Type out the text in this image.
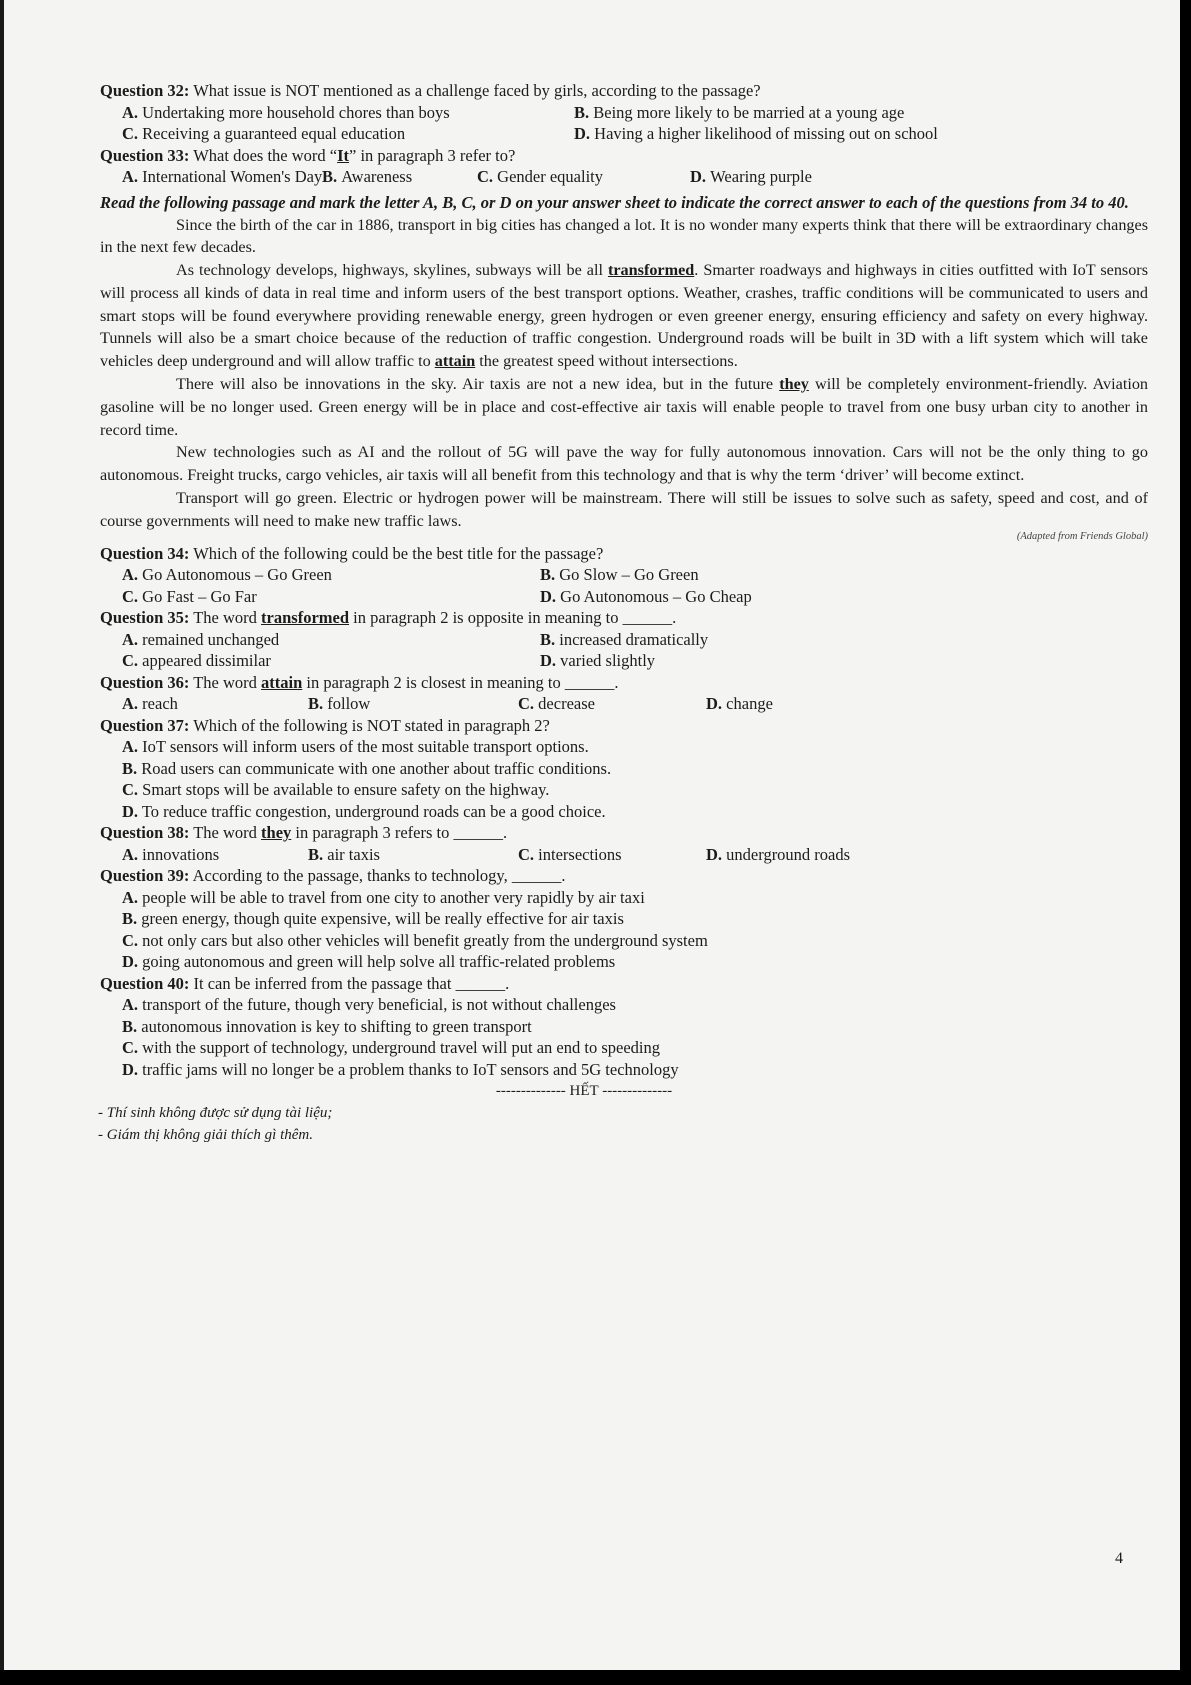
Question 32: What issue is NOT mentioned as a challenge faced by girls, according to the passage?

A. Undertaking more household chores than boys	B. Being more likely to be married at a young age
C. Receiving a guaranteed equal education	D. Having a higher likelihood of missing out on school

Question 33: What does the word “It” in paragraph 3 refer to?

A. International Women's Day B. Awareness	C. Gender equality	D. Wearing purple

Read the following passage and mark the letter A, B, C, or D on your answer sheet to indicate the correct answer to each of the questions from 34 to 40.

Since the birth of the car in 1886, transport in big cities has changed a lot. It is no wonder many experts think that there will be extraordinary changes in the next few decades.

As technology develops, highways, skylines, subways will be all transformed. Smarter roadways and highways in cities outfitted with IoT sensors will process all kinds of data in real time and inform users of the best transport options. Weather, crashes, traffic conditions will be communicated to users and smart stops will be found everywhere providing renewable energy, green hydrogen or even greener energy, ensuring efficiency and safety on every highway. Tunnels will also be a smart choice because of the reduction of traffic congestion. Underground roads will be built in 3D with a lift system which will take vehicles deep underground and will allow traffic to attain the greatest speed without intersections.

There will also be innovations in the sky. Air taxis are not a new idea, but in the future they will be completely environment-friendly. Aviation gasoline will be no longer used. Green energy will be in place and cost-effective air taxis will enable people to travel from one busy urban city to another in record time.

New technologies such as AI and the rollout of 5G will pave the way for fully autonomous innovation. Cars will not be the only thing to go autonomous. Freight trucks, cargo vehicles, air taxis will all benefit from this technology and that is why the term ‘driver’ will become extinct.

Transport will go green. Electric or hydrogen power will be mainstream. There will still be issues to solve such as safety, speed and cost, and of course governments will need to make new traffic laws.

(Adapted from Friends Global)

Question 34: Which of the following could be the best title for the passage?

A. Go Autonomous – Go Green	B. Go Slow – Go Green
C. Go Fast – Go Far	D. Go Autonomous – Go Cheap

Question 35: The word transformed in paragraph 2 is opposite in meaning to ______.

A. remained unchanged	B. increased dramatically
C. appeared dissimilar	D. varied slightly

Question 36: The word attain in paragraph 2 is closest in meaning to ______.

A. reach	B. follow	C. decrease	D. change

Question 37: Which of the following is NOT stated in paragraph 2?

A. IoT sensors will inform users of the most suitable transport options.

B. Road users can communicate with one another about traffic conditions.

C. Smart stops will be available to ensure safety on the highway.

D. To reduce traffic congestion, underground roads can be a good choice.

Question 38: The word they in paragraph 3 refers to ______.

A. innovations	B. air taxis	C. intersections	D. underground roads

Question 39: According to the passage, thanks to technology, ______.

A. people will be able to travel from one city to another very rapidly by air taxi

B. green energy, though quite expensive, will be really effective for air taxis

C. not only cars but also other vehicles will benefit greatly from the underground system

D. going autonomous and green will help solve all traffic-related problems

Question 40: It can be inferred from the passage that ______.

A. transport of the future, though very beneficial, is not without challenges

B. autonomous innovation is key to shifting to green transport

C. with the support of technology, underground travel will put an end to speeding

D. traffic jams will no longer be a problem thanks to IoT sensors and 5G technology

-------------- HẾT --------------

- Thí sinh không được sử dụng tài liệu;

- Giám thị không giải thích gì thêm.

4
